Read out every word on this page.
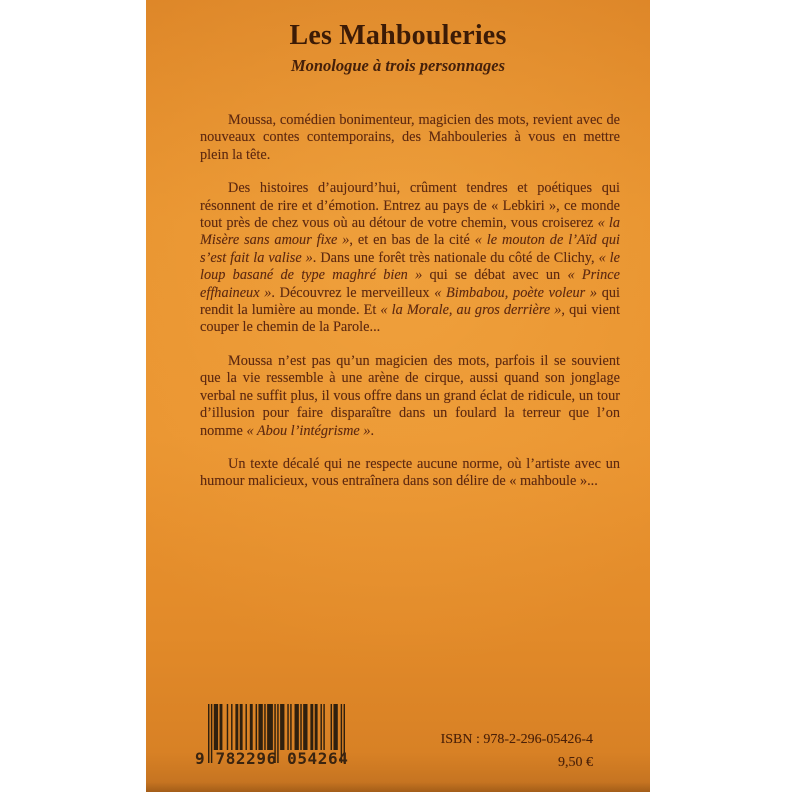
Les Mahbouleries
Monologue à trois personnages

Moussa, comédien bonimenteur, magicien des mots, revient avec de nouveaux contes contemporains, des Mahbouleries à vous en mettre plein la tête.

Des histoires d’aujourd’hui, crûment tendres et poétiques qui résonnent de rire et d’émotion. Entrez au pays de « Lebkiri », ce monde tout près de chez vous où au détour de votre chemin, vous croiserez « la Misère sans amour fixe », et en bas de la cité « le mouton de l’Aïd qui s’est fait la valise ». Dans une forêt très nationale du côté de Clichy, « le loup basané de type maghré bien » qui se débat avec un « Prince effhaineux ». Découvrez le merveilleux « Bimbabou, poète voleur » qui rendit la lumière au monde. Et « la Morale, au gros derrière », qui vient couper le chemin de la Parole...

Moussa n’est pas qu’un magicien des mots, parfois il se souvient que la vie ressemble à une arène de cirque, aussi quand son jonglage verbal ne suffit plus, il vous offre dans un grand éclat de ridicule, un tour d’illusion pour faire disparaître dans un foulard la terreur que l’on nomme « Abou l’intégrisme ».

Un texte décalé qui ne respecte aucune norme, où l’artiste avec un humour malicieux, vous entraînera dans son délire de « mahboule »...

9 782296 054264
ISBN : 978-2-296-05426-4
9,50 €
